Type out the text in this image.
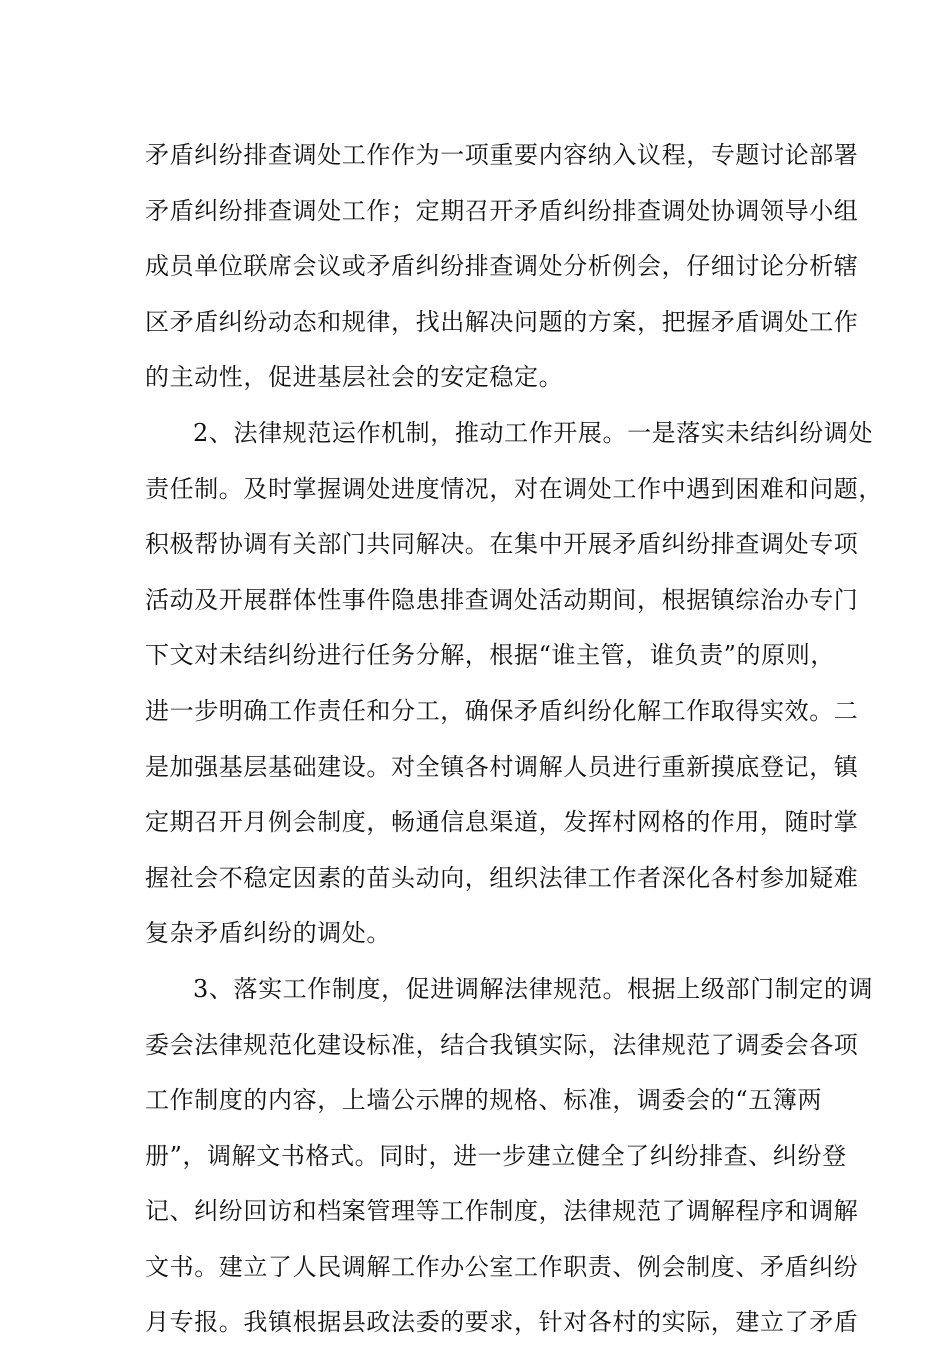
矛盾纠纷排查调处工作作为一项重要内容纳入议程，专题讨论部署
矛盾纠纷排查调处工作；定期召开矛盾纠纷排查调处协调领导小组
成员单位联席会议或矛盾纠纷排查调处分析例会，仔细讨论分析辖
区矛盾纠纷动态和规律，找出解决问题的方案，把握矛盾调处工作
的主动性，促进基层社会的安定稳定。
2、法律规范运作机制，推动工作开展。一是落实未结纠纷调处
责任制。及时掌握调处进度情况，对在调处工作中遇到困难和问题，
积极帮协调有关部门共同解决。在集中开展矛盾纠纷排查调处专项
活动及开展群体性事件隐患排查调处活动期间，根据镇综治办专门
下文对未结纠纷进行任务分解，根据“谁主管，谁负责”的原则，
进一步明确工作责任和分工，确保矛盾纠纷化解工作取得实效。二
是加强基层基础建设。对全镇各村调解人员进行重新摸底登记，镇
定期召开月例会制度，畅通信息渠道，发挥村网格的作用，随时掌
握社会不稳定因素的苗头动向，组织法律工作者深化各村参加疑难
复杂矛盾纠纷的调处。
3、落实工作制度，促进调解法律规范。根据上级部门制定的调
委会法律规范化建设标准，结合我镇实际，法律规范了调委会各项
工作制度的内容，上墙公示牌的规格、标准，调委会的“五簿两
册”，调解文书格式。同时，进一步建立健全了纠纷排查、纠纷登
记、纠纷回访和档案管理等工作制度，法律规范了调解程序和调解
文书。建立了人民调解工作办公室工作职责、例会制度、矛盾纠纷
月专报。我镇根据县政法委的要求，针对各村的实际，建立了矛盾
